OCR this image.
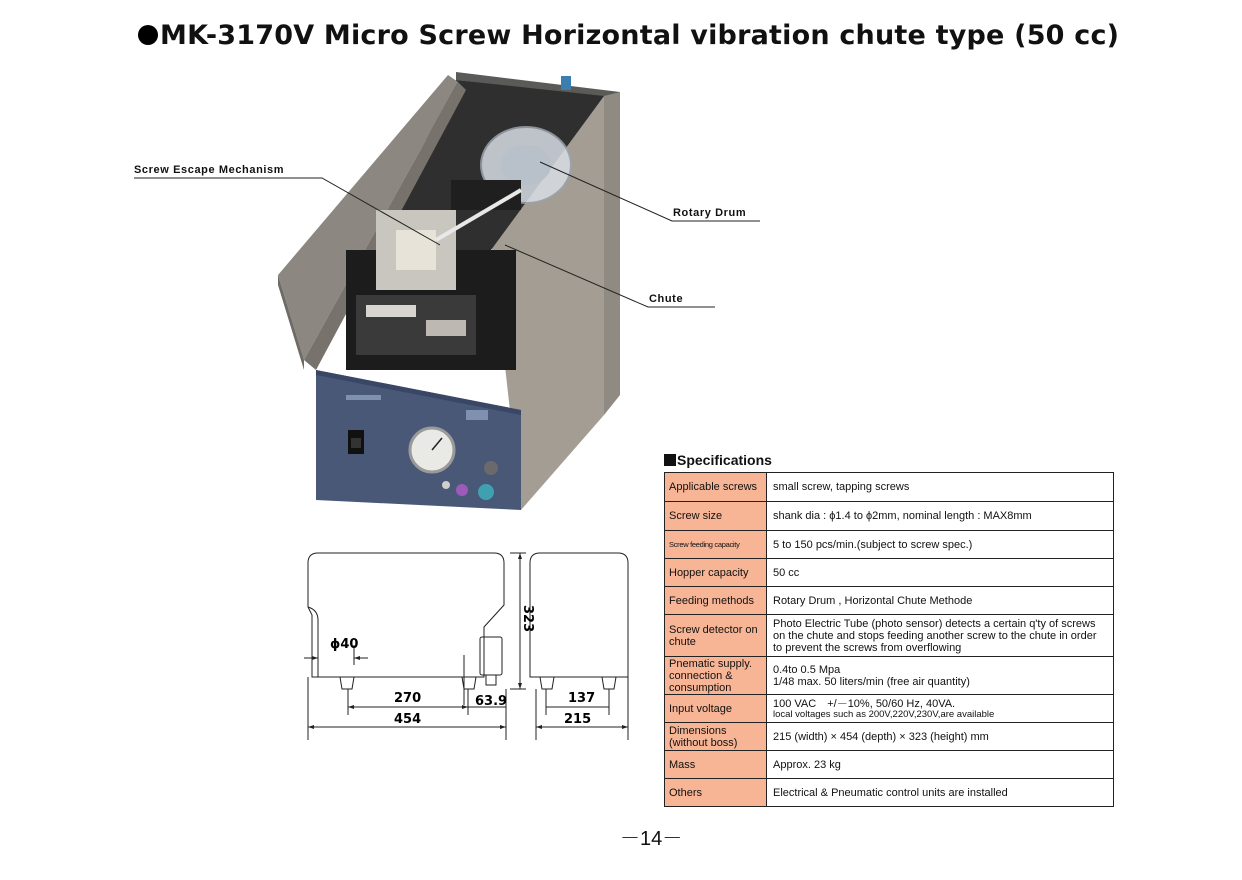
MK-3170V Micro Screw Horizontal vibration chute type (50 cc)
Screw Escape Mechanism
Rotary Drum
Chute
ϕ40
270	63.9
454
323
137
215
Specifications
Applicable screws	small screw, tapping screws
Screw size	shank dia : ϕ1.4 to ϕ2mm, nominal length : MAX8mm
Screw feeding capacity	5 to 150 pcs/min.(subject to screw spec.)
Hopper capacity	50 cc
Feeding methods	Rotary Drum , Horizontal Chute Methode
Screw detector on chute	Photo Electric Tube (photo sensor) detects a certain q'ty of screws on the chute and stops feeding another screw to the chute in order to prevent the screws from overflowing
Pnematic supply. connection & consumption	0.4to 0.5 Mpa
1/48 max. 50 liters/min (free air quantity)

Input voltage	100 VAC　+/－10%, 50/60 Hz, 40VA.
local voltages such as 200V,220V,230V,are available

Dimensions (without boss)	215 (width) × 454 (depth) × 323 (height) mm
Mass	Approx. 23 kg
Others	Electrical & Pneumatic control units are installed
－14－
